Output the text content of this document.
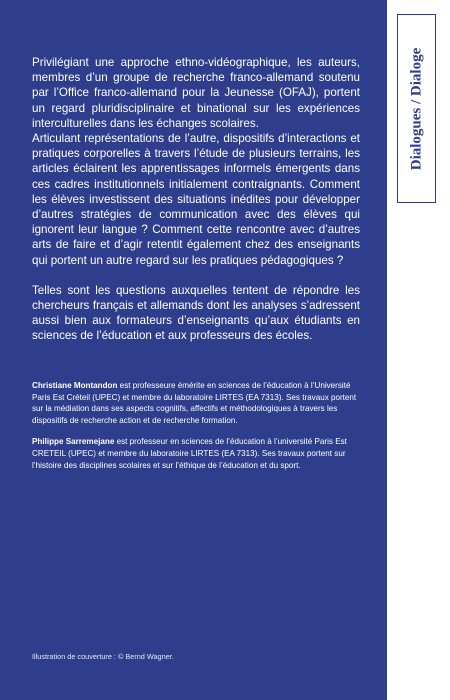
Privilégiant une approche ethno-vidéographique, les auteurs, membres d’un groupe de recherche franco-allemand soutenu par l’Office franco-allemand pour la Jeunesse (OFAJ), portent un regard pluridisciplinaire et binational sur les expériences interculturelles dans les échanges scolaires.

Articulant représentations de l’autre, dispositifs d’interactions et pratiques corporelles à travers l’étude de plusieurs terrains, les articles éclairent les apprentissages informels émergents dans ces cadres institutionnels initialement contraignants. Comment les élèves investissent des situations inédites pour développer d’autres stratégies de communication avec des élèves qui ignorent leur langue ? Comment cette rencontre avec d’autres arts de faire et d’agir retentit également chez des enseignants qui portent un autre regard sur les pratiques pédagogiques ?

Telles sont les questions auxquelles tentent de répondre les chercheurs français et allemands dont les analyses s’adressent aussi bien aux formateurs d’enseignants qu’aux étudiants en sciences de l’éducation et aux professeurs des écoles.

Christiane Montandon est professeure émérite en sciences de l’éducation à l’Université Paris Est Créteil (UPEC) et membre du laboratoire LIRTES (EA 7313). Ses travaux portent sur la médiation dans ses aspects cognitifs, affectifs et méthodologiques à travers les dispositifs de recherche action et de recherche formation.

Philippe Sarremejane est professeur en sciences de l’éducation à l’université Paris Est CRETEIL (UPEC) et membre du laboratoire LIRTES (EA 7313). Ses travaux portent sur l’histoire des disciplines scolaires et sur l’éthique de l’éducation et du sport.

Illustration de couverture : © Bernd Wagner.
Dialogues / Dialoge
